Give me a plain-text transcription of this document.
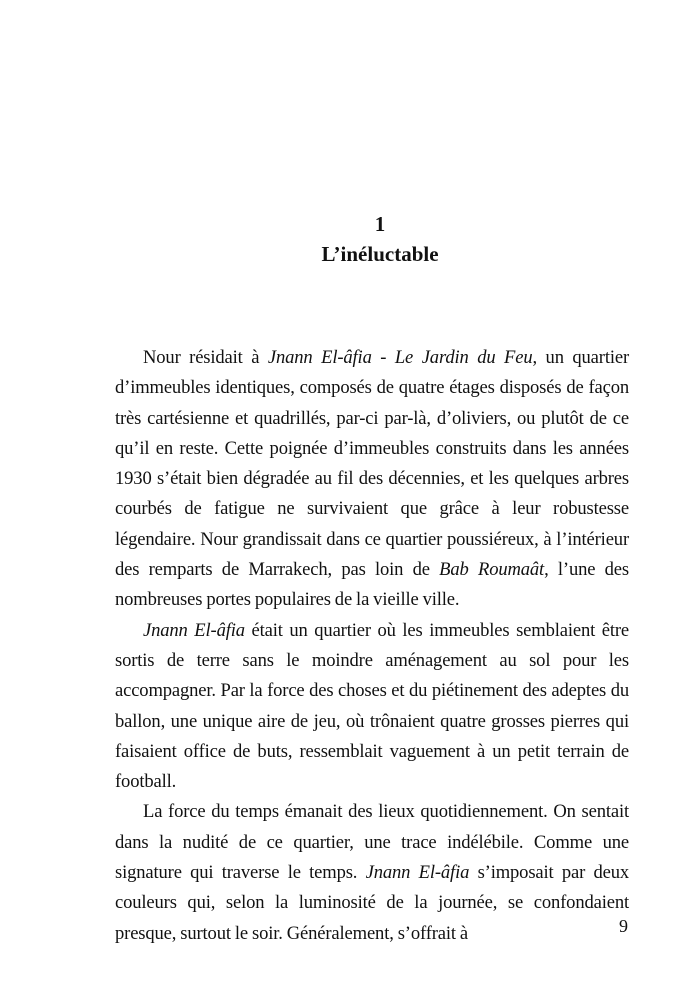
1
L’inéluctable

Nour résidait à Jnann El-âfia - Le Jardin du Feu, un quartier d’immeubles identiques, composés de quatre étages disposés de façon très cartésienne et quadrillés, par-ci par-là, d’oliviers, ou plutôt de ce qu’il en reste. Cette poignée d’immeubles construits dans les années 1930 s’était bien dégradée au fil des décennies, et les quelques arbres courbés de fatigue ne survivaient que grâce à leur robustesse légendaire. Nour grandissait dans ce quartier poussiéreux, à l’intérieur des remparts de Marrakech, pas loin de Bab Roumaât, l’une des nombreuses portes populaires de la vieille ville.

Jnann El-âfia était un quartier où les immeubles semblaient être sortis de terre sans le moindre aménagement au sol pour les accompagner. Par la force des choses et du piétinement des adeptes du ballon, une unique aire de jeu, où trônaient quatre grosses pierres qui faisaient office de buts, ressemblait vaguement à un petit terrain de football.

La force du temps émanait des lieux quotidiennement. On sentait dans la nudité de ce quartier, une trace indélébile. Comme une signature qui traverse le temps. Jnann El-âfia s’imposait par deux couleurs qui, selon la luminosité de la journée, se confondaient presque, surtout le soir. Généralement, s’offrait à	9
